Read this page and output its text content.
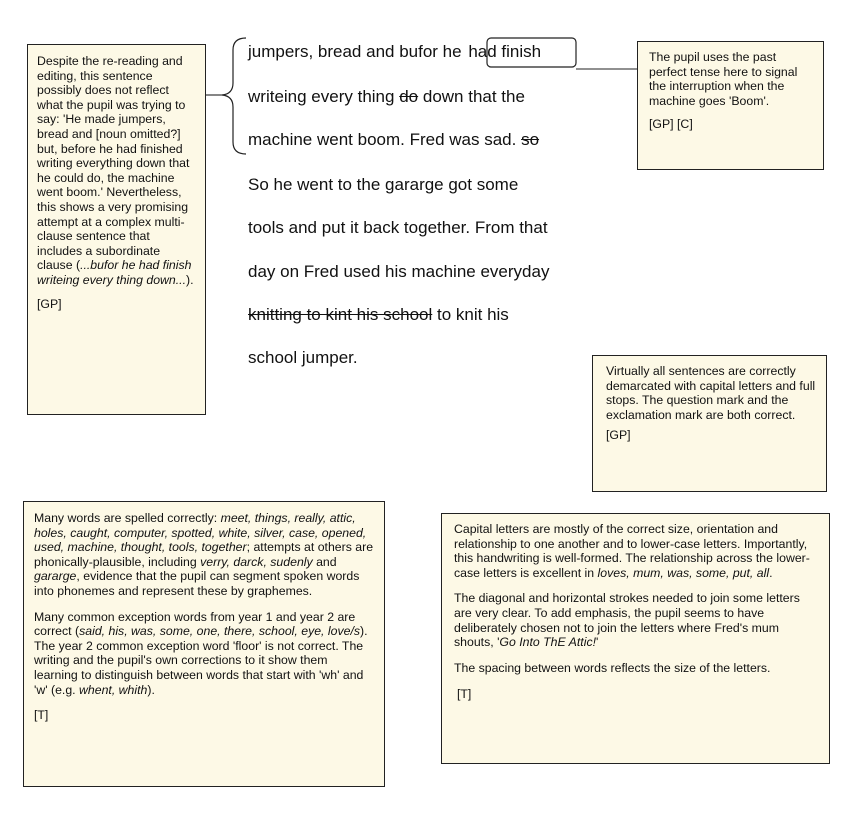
jumpers, bread and bufor he had finish
writeing every thing do down that the
machine went boom. Fred was sad. so
So he went to the gararge got some
tools and put it back together. From that
day on Fred used his machine everyday
knitting to kint his school to knit his
school jumper.

Despite the re-reading and editing, this sentence possibly does not reflect what the pupil was trying to say: 'He made jumpers, bread and [noun omitted?] but, before he had finished writing everything down that he could do, the machine went boom.' Nevertheless, this shows a very promising attempt at a complex multi-clause sentence that includes a subordinate clause (...bufor he had finish writeing every thing down...).

[GP]

The pupil uses the past perfect tense here to signal the interruption when the machine goes 'Boom'.

[GP] [C]

Virtually all sentences are correctly demarcated with capital letters and full stops. The question mark and the exclamation mark are both correct.

[GP]

Many words are spelled correctly: meet, things, really, attic, holes, caught, computer, spotted, white, silver, case, opened, used, machine, thought, tools, together; attempts at others are phonically-plausible, including verry, darck, sudenly and gararge, evidence that the pupil can segment spoken words into phonemes and represent these by graphemes.

Many common exception words from year 1 and year 2 are correct (said, his, was, some, one, there, school, eye, love/s). The year 2 common exception word 'floor' is not correct. The writing and the pupil's own corrections to it show them learning to distinguish between words that start with 'wh' and 'w' (e.g. whent, whith).

[T]

Capital letters are mostly of the correct size, orientation and relationship to one another and to lower-case letters. Importantly, this handwriting is well-formed. The relationship across the lower-case letters is excellent in loves, mum, was, some, put, all.

The diagonal and horizontal strokes needed to join some letters are very clear. To add emphasis, the pupil seems to have deliberately chosen not to join the letters where Fred's mum shouts, 'Go Into ThE Attic!'

The spacing between words reflects the size of the letters.

[T]
